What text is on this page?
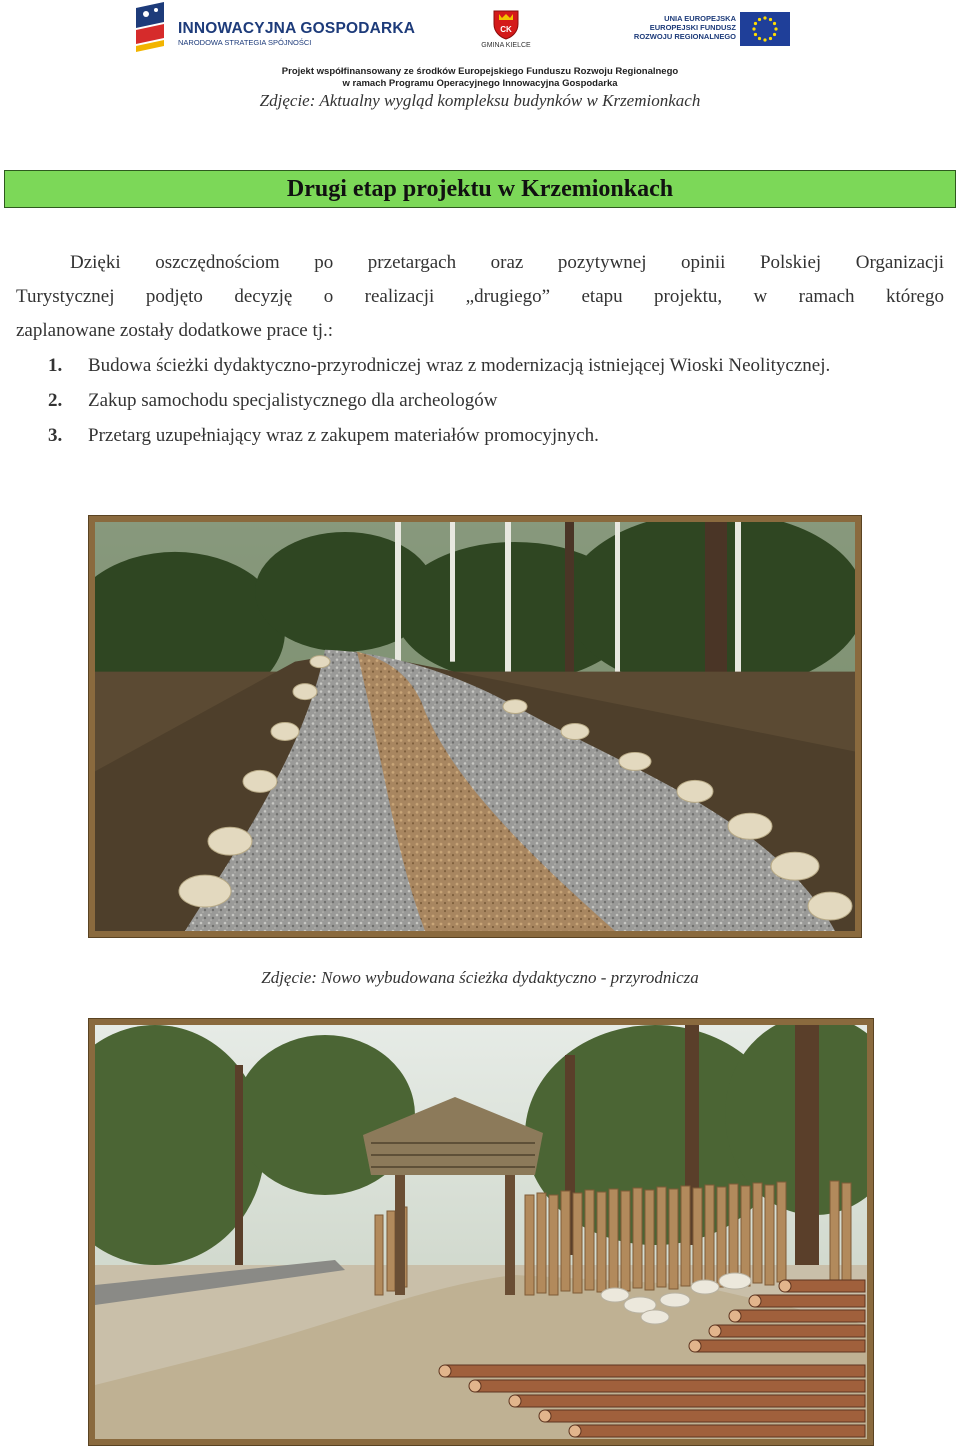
INNOWACYJNA GOSPODARKA
NARODOWA STRATEGIA SPÓJNOŚCI
CK
GMINA KIELCE
UNIA EUROPEJSKA
EUROPEJSKI FUNDUSZ
ROZWOJU REGIONALNEGO
Projekt współfinansowany ze środków Europejskiego Funduszu Rozwoju Regionalnego
w ramach Programu Operacyjnego Innowacyjna Gospodarka
Zdjęcie: Aktualny wygląd kompleksu budynków w Krzemionkach
Drugi etap projektu w Krzemionkach
Dzięki oszczędnościom po przetargach oraz pozytywnej opinii Polskiej Organizacji
Turystycznej podjęto decyzję o realizacji „drugiego” etapu projektu, w ramach którego
zaplanowane zostały dodatkowe prace tj.:
1. Budowa ścieżki dydaktyczno-przyrodniczej wraz z modernizacją istniejącej Wioski Neolitycznej.
2. Zakup samochodu specjalistycznego dla archeologów
3. Przetarg uzupełniający wraz z zakupem materiałów promocyjnych.
Zdjęcie: Nowo wybudowana ścieżka dydaktyczno - przyrodnicza
